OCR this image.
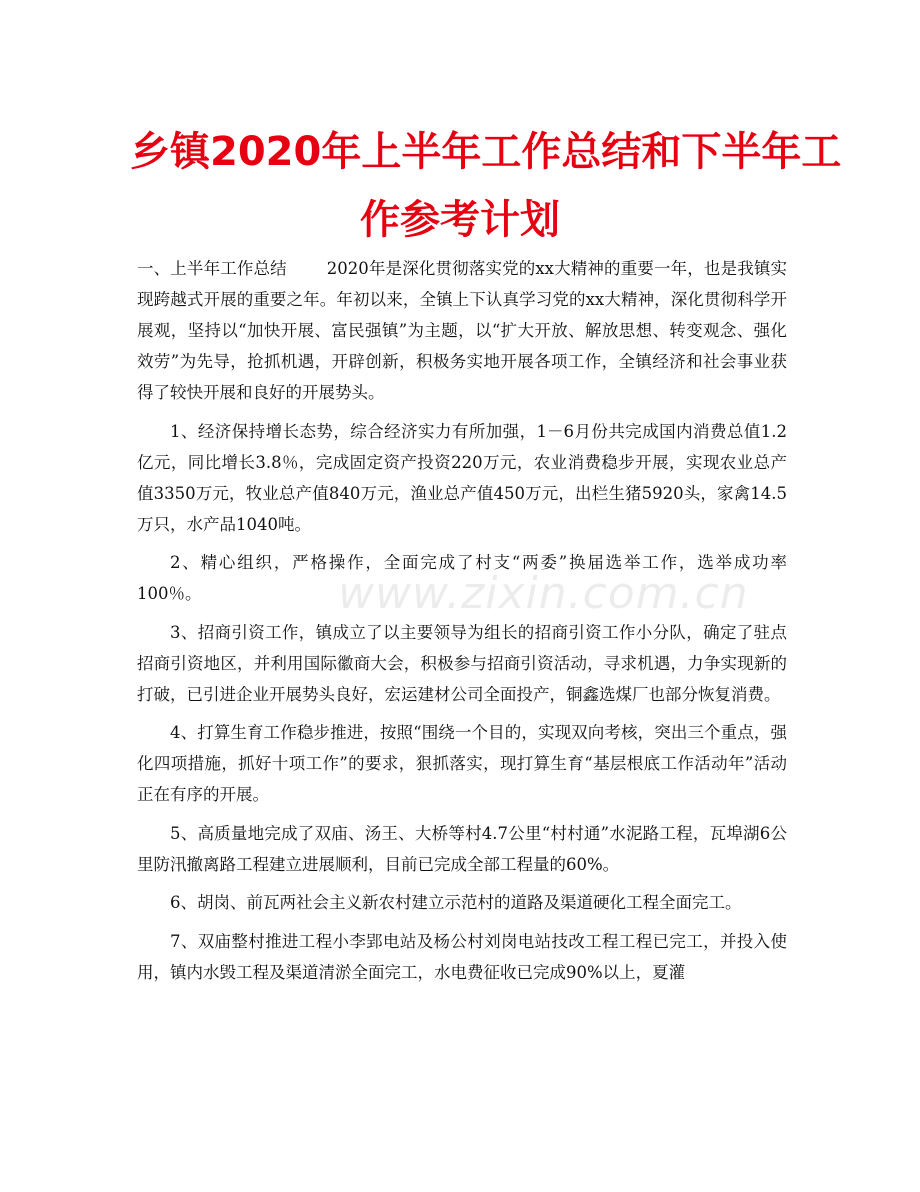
乡镇2020年上半年工作总结和下半年工
作参考计划
www.zixin.com.cn

一、上半年工作总结 2020年是深化贯彻落实党的xx大精神的重要一年，也是我镇实现跨越式开展的重要之年。年初以来，全镇上下认真学习党的xx大精神，深化贯彻科学开展观，坚持以“加快开展、富民强镇”为主题，以“扩大开放、解放思想、转变观念、强化效劳”为先导，抢抓机遇，开辟创新，积极务实地开展各项工作，全镇经济和社会事业获得了较快开展和良好的开展势头。

1、经济保持增长态势，综合经济实力有所加强，1－6月份共完成国内消费总值1.2亿元，同比增长3.8％，完成固定资产投资220万元，农业消费稳步开展，实现农业总产值3350万元，牧业总产值840万元，渔业总产值450万元，出栏生猪5920头，家禽14.5万只，水产品1040吨。

2、精心组织，严格操作，全面完成了村支“两委”换届选举工作，选举成功率100％。

3、招商引资工作，镇成立了以主要领导为组长的招商引资工作小分队，确定了驻点招商引资地区，并利用国际徽商大会，积极参与招商引资活动，寻求机遇，力争实现新的打破，已引进企业开展势头良好，宏运建材公司全面投产，铜鑫选煤厂也部分恢复消费。

4、打算生育工作稳步推进，按照“围绕一个目的，实现双向考核，突出三个重点，强化四项措施，抓好十项工作”的要求，狠抓落实，现打算生育“基层根底工作活动年”活动正在有序的开展。

5、高质量地完成了双庙、汤王、大桥等村4.7公里“村村通”水泥路工程，瓦埠湖6公里防汛撤离路工程建立进展顺利，目前已完成全部工程量的60%。

6、胡岗、前瓦两社会主义新农村建立示范村的道路及渠道硬化工程全面完工。

7、双庙整村推进工程小李郢电站及杨公村刘岗电站技改工程工程已完工，并投入使用，镇内水毁工程及渠道清淤全面完工，水电费征收已完成90%以上，夏灌
